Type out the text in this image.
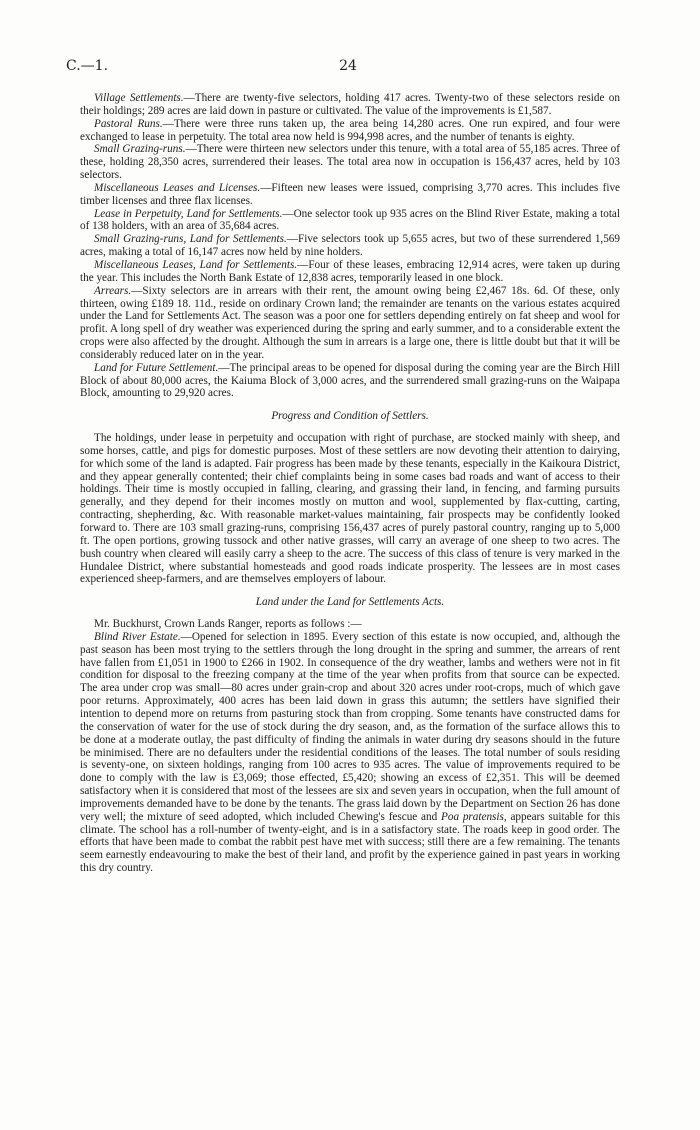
C.—1.	24

Village Settlements.—There are twenty-five selectors, holding 417 acres. Twenty-two of these selectors reside on their holdings; 289 acres are laid down in pasture or cultivated. The value of the improvements is £1,587.

Pastoral Runs.—There were three runs taken up, the area being 14,280 acres. One run expired, and four were exchanged to lease in perpetuity. The total area now held is 994,998 acres, and the number of tenants is eighty.

Small Grazing-runs.—There were thirteen new selectors under this tenure, with a total area of 55,185 acres. Three of these, holding 28,350 acres, surrendered their leases. The total area now in occupation is 156,437 acres, held by 103 selectors.

Miscellaneous Leases and Licenses.—Fifteen new leases were issued, comprising 3,770 acres. This includes five timber licenses and three flax licenses.

Lease in Perpetuity, Land for Settlements.—One selector took up 935 acres on the Blind River Estate, making a total of 138 holders, with an area of 35,684 acres.

Small Grazing-runs, Land for Settlements.—Five selectors took up 5,655 acres, but two of these surrendered 1,569 acres, making a total of 16,147 acres now held by nine holders.

Miscellaneous Leases, Land for Settlements.—Four of these leases, embracing 12,914 acres, were taken up during the year. This includes the North Bank Estate of 12,838 acres, temporarily leased in one block.

Arrears.—Sixty selectors are in arrears with their rent, the amount owing being £2,467 18s. 6d. Of these, only thirteen, owing £189 18. 11d., reside on ordinary Crown land; the remainder are tenants on the various estates acquired under the Land for Settlements Act. The season was a poor one for settlers depending entirely on fat sheep and wool for profit. A long spell of dry weather was experienced during the spring and early summer, and to a considerable extent the crops were also affected by the drought. Although the sum in arrears is a large one, there is little doubt but that it will be considerably reduced later on in the year.

Land for Future Settlement.—The principal areas to be opened for disposal during the coming year are the Birch Hill Block of about 80,000 acres, the Kaiuma Block of 3,000 acres, and the surrendered small grazing-runs on the Waipapa Block, amounting to 29,920 acres.

Progress and Condition of Settlers.

The holdings, under lease in perpetuity and occupation with right of purchase, are stocked mainly with sheep, and some horses, cattle, and pigs for domestic purposes. Most of these settlers are now devoting their attention to dairying, for which some of the land is adapted. Fair progress has been made by these tenants, especially in the Kaikoura District, and they appear generally contented; their chief complaints being in some cases bad roads and want of access to their holdings. Their time is mostly occupied in falling, clearing, and grassing their land, in fencing, and farming pursuits generally, and they depend for their incomes mostly on mutton and wool, supplemented by flax-cutting, carting, contracting, shepherding, &c. With reasonable market-values maintaining, fair prospects may be confidently looked forward to. There are 103 small grazing-runs, comprising 156,437 acres of purely pastoral country, ranging up to 5,000 ft. The open portions, growing tussock and other native grasses, will carry an average of one sheep to two acres. The bush country when cleared will easily carry a sheep to the acre. The success of this class of tenure is very marked in the Hundalee District, where substantial homesteads and good roads indicate prosperity. The lessees are in most cases experienced sheep-farmers, and are themselves employers of labour.

Land under the Land for Settlements Acts.

Mr. Buckhurst, Crown Lands Ranger, reports as follows :—

Blind River Estate.—Opened for selection in 1895. Every section of this estate is now occupied, and, although the past season has been most trying to the settlers through the long drought in the spring and summer, the arrears of rent have fallen from £1,051 in 1900 to £266 in 1902. In consequence of the dry weather, lambs and wethers were not in fit condition for disposal to the freezing company at the time of the year when profits from that source can be expected. The area under crop was small—80 acres under grain-crop and about 320 acres under root-crops, much of which gave poor returns. Approximately, 400 acres has been laid down in grass this autumn; the settlers have signified their intention to depend more on returns from pasturing stock than from cropping. Some tenants have constructed dams for the conservation of water for the use of stock during the dry season, and, as the formation of the surface allows this to be done at a moderate outlay, the past difficulty of finding the animals in water during dry seasons should in the future be minimised. There are no defaulters under the residential conditions of the leases. The total number of souls residing is seventy-one, on sixteen holdings, ranging from 100 acres to 935 acres. The value of improvements required to be done to comply with the law is £3,069; those effected, £5,420; showing an excess of £2,351. This will be deemed satisfactory when it is considered that most of the lessees are six and seven years in occupation, when the full amount of improvements demanded have to be done by the tenants. The grass laid down by the Department on Section 26 has done very well; the mixture of seed adopted, which included Chewing's fescue and Poa pratensis, appears suitable for this climate. The school has a roll-number of twenty-eight, and is in a satisfactory state. The roads keep in good order. The efforts that have been made to combat the rabbit pest have met with success; still there are a few remaining. The tenants seem earnestly endeavouring to make the best of their land, and profit by the experience gained in past years in working this dry country.
